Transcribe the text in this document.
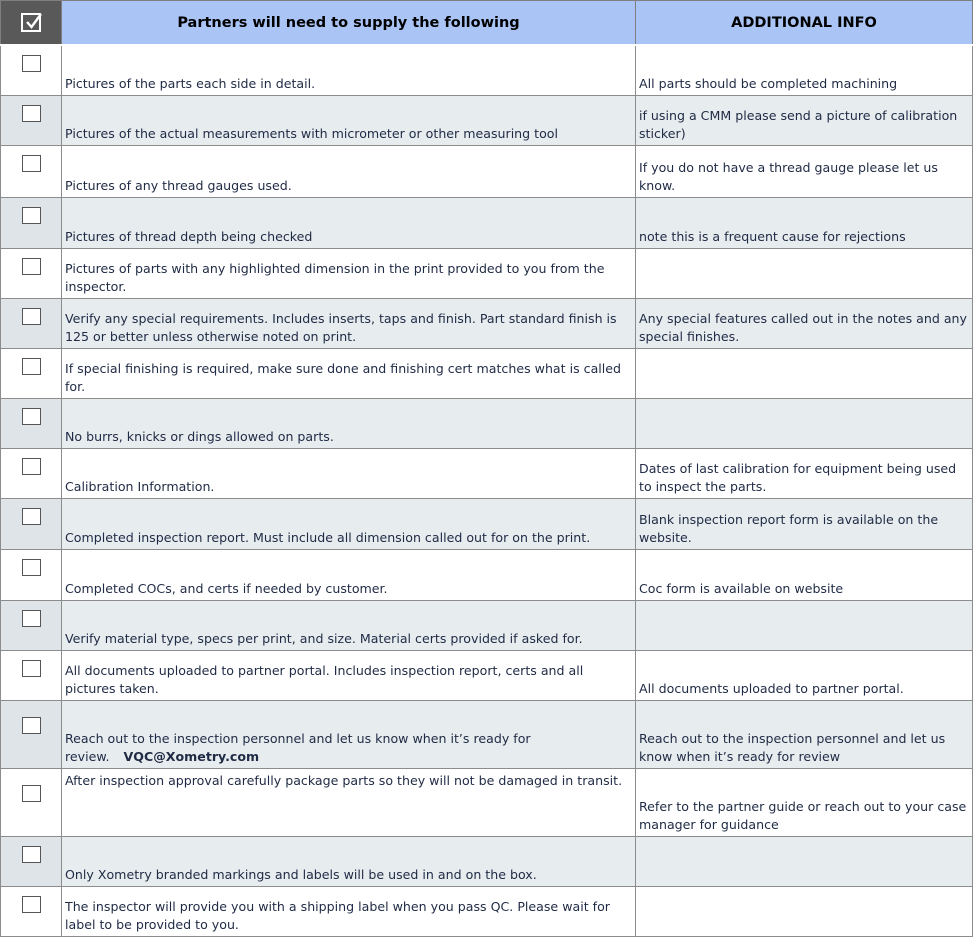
	Partners will need to supply the following	ADDITIONAL INFO
	Pictures of the parts each side in detail.	All parts should be completed machining
	Pictures of the actual measurements with micrometer or other measuring tool	if using a CMM please send a picture of calibration sticker)
	Pictures of any thread gauges used.	If you do not have a thread gauge please let us know.
	Pictures of thread depth being checked	note this is a frequent cause for rejections
	Pictures of parts with any highlighted dimension in the print provided to you from the inspector.	
	Verify any special requirements. Includes inserts, taps and finish. Part standard finish is 125 or better unless otherwise noted on print.	Any special features called out in the notes and any special finishes.
	If special finishing is required, make sure done and finishing cert matches what is called for.	
	No burrs, knicks or dings allowed on parts.	
	Calibration Information.	Dates of last calibration for equipment being used to inspect the parts.
	Completed inspection report. Must include all dimension called out for on the print.	Blank inspection report form is available on the website.
	Completed COCs, and certs if needed by customer.	Coc form is available on website
	Verify material type, specs per print, and size. Material certs provided if asked for.	
	All documents uploaded to partner portal. Includes inspection report, certs and all pictures taken.	All documents uploaded to partner portal.
	Reach out to the inspection personnel and let us know when it’s ready for review. VQC@Xometry.com	Reach out to the inspection personnel and let us know when it’s ready for review
	After inspection approval carefully package parts so they will not be damaged in transit.	Refer to the partner guide or reach out to your case manager for guidance
	Only Xometry branded markings and labels will be used in and on the box.	
	The inspector will provide you with a shipping label when you pass QC. Please wait for label to be provided to you.	
